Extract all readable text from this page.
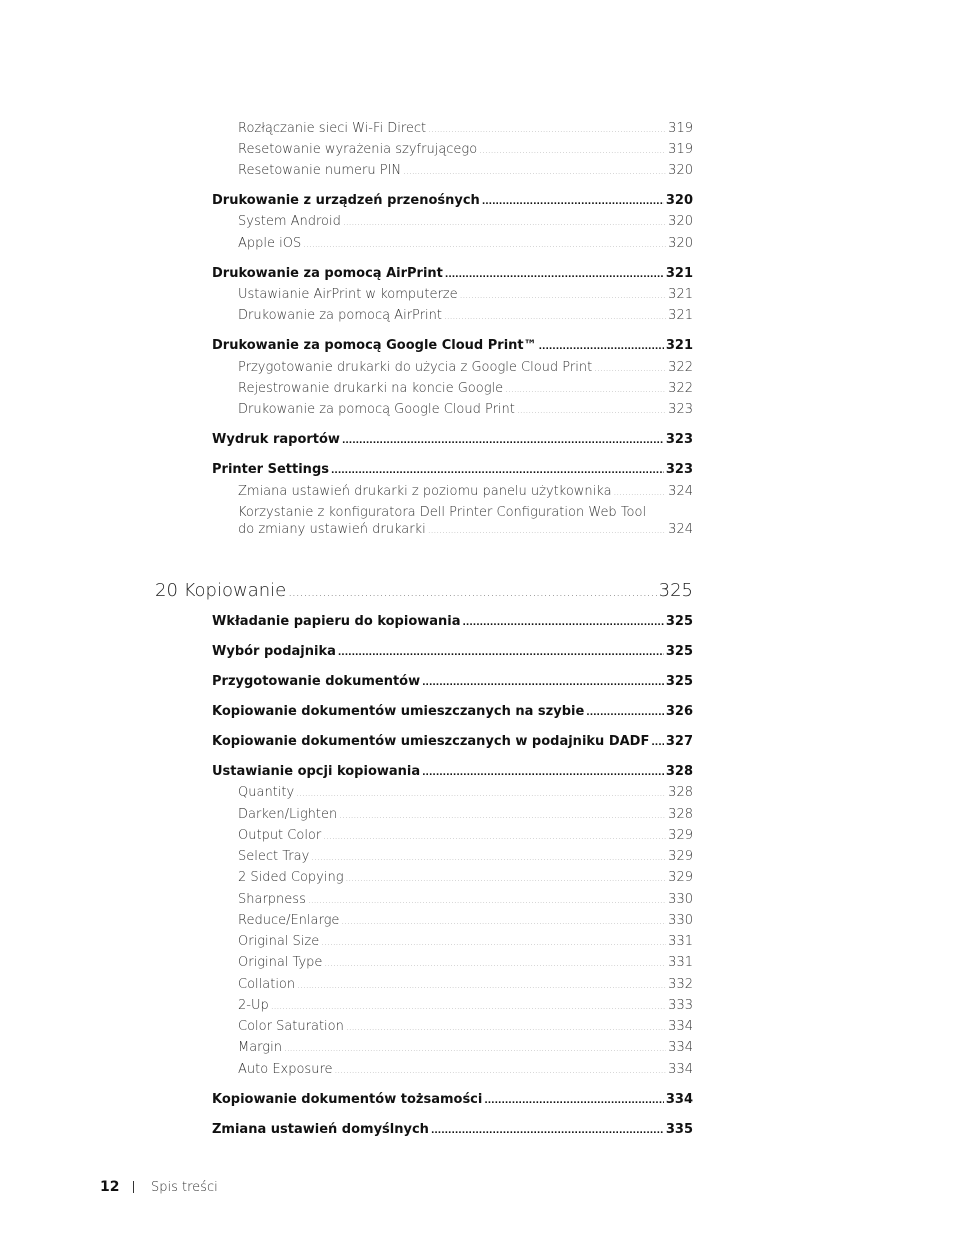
Rozłączanie sieci Wi-Fi Direct .....	319
Resetowanie wyrażenia szyfrującego .....	319
Resetowanie numeru PIN .....	320
Drukowanie z urządzeń przenośnych .....	320
System Android .....	320
Apple iOS .....	320
Drukowanie za pomocą AirPrint .....	321
Ustawianie AirPrint w komputerze .....	321
Drukowanie za pomocą AirPrint .....	321
Drukowanie za pomocą Google Cloud Print™ .....	321
Przygotowanie drukarki do użycia z Google Cloud Print .....	322
Rejestrowanie drukarki na koncie Google .....	322
Drukowanie za pomocą Google Cloud Print .....	323
Wydruk raportów .....	323
Printer Settings .....	323
Zmiana ustawień drukarki z poziomu panelu użytkownika .....	324
Korzystanie z konfiguratora Dell Printer Configuration Web Tool
do zmiany ustawień drukarki .....	324
20 Kopiowanie .....	325
Wkładanie papieru do kopiowania .....	325
Wybór podajnika .....	325
Przygotowanie dokumentów .....	325
Kopiowanie dokumentów umieszczanych na szybie .....	326
Kopiowanie dokumentów umieszczanych w podajniku DADF ..... 327
Ustawianie opcji kopiowania .....	328
Quantity .....	328
Darken/Lighten .....	328
Output Color .....	329
Select Tray .....	329
2 Sided Copying .....	329
Sharpness .....	330
Reduce/Enlarge .....	330
Original Size .....	331
Original Type .....	331
Collation .....	332
2-Up .....	333
Color Saturation .....	334
Margin .....	334
Auto Exposure .....	334
Kopiowanie dokumentów tożsamości .....	334
Zmiana ustawień domyślnych .....	335
12 Spis treści
